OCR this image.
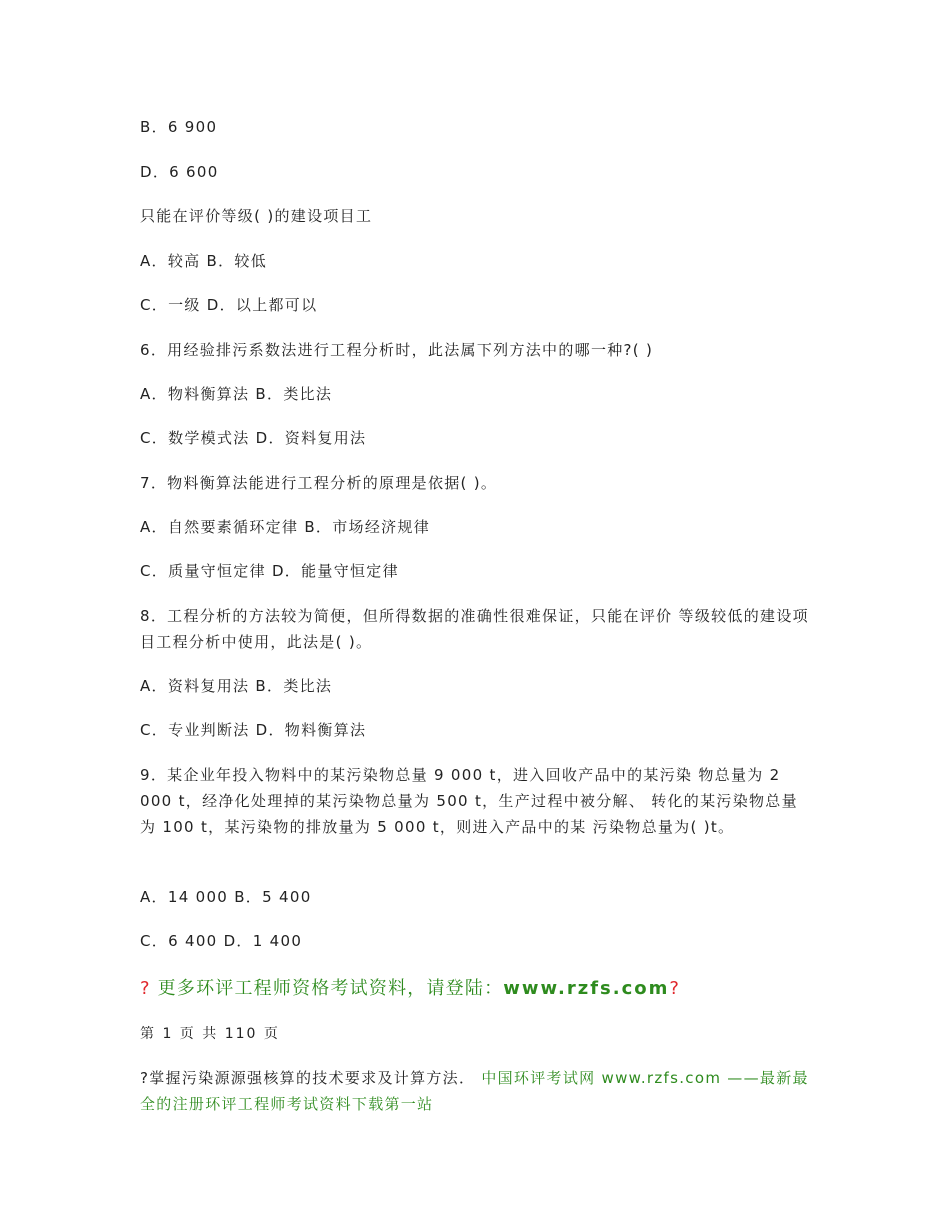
B．6 900
D．6 600
只能在评价等级( )的建设项目工
A．较高 B．较低
C．一级 D．以上都可以
6．用经验排污系数法进行工程分析时，此法属下列方法中的哪一种?( )
A．物料衡算法 B．类比法
C．数学模式法 D．资料复用法
7．物料衡算法能进行工程分析的原理是依据( )。
A．自然要素循环定律 B．市场经济规律
C．质量守恒定律 D．能量守恒定律
8．工程分析的方法较为简便，但所得数据的准确性很难保证，只能在评价 等级较低的建设项目工程分析中使用，此法是( )。
A．资料复用法 B．类比法
C．专业判断法 D．物料衡算法
9．某企业年投入物料中的某污染物总量 9 000 t，进入回收产品中的某污染 物总量为 2 000 t，经净化处理掉的某污染物总量为 500 t，生产过程中被分解、 转化的某污染物总量为 100 t，某污染物的排放量为 5 000 t，则进入产品中的某 污染物总量为( )t。
A．14 000 B．5 400
C．6 400 D．1 400
? 更多环评工程师资格考试资料，请登陆：www.rzfs.com?
第 1 页 共 110 页
?掌握污染源源强核算的技术要求及计算方法． 中国环评考试网 www.rzfs.com ——最新最全的注册环评工程师考试资料下载第一站
